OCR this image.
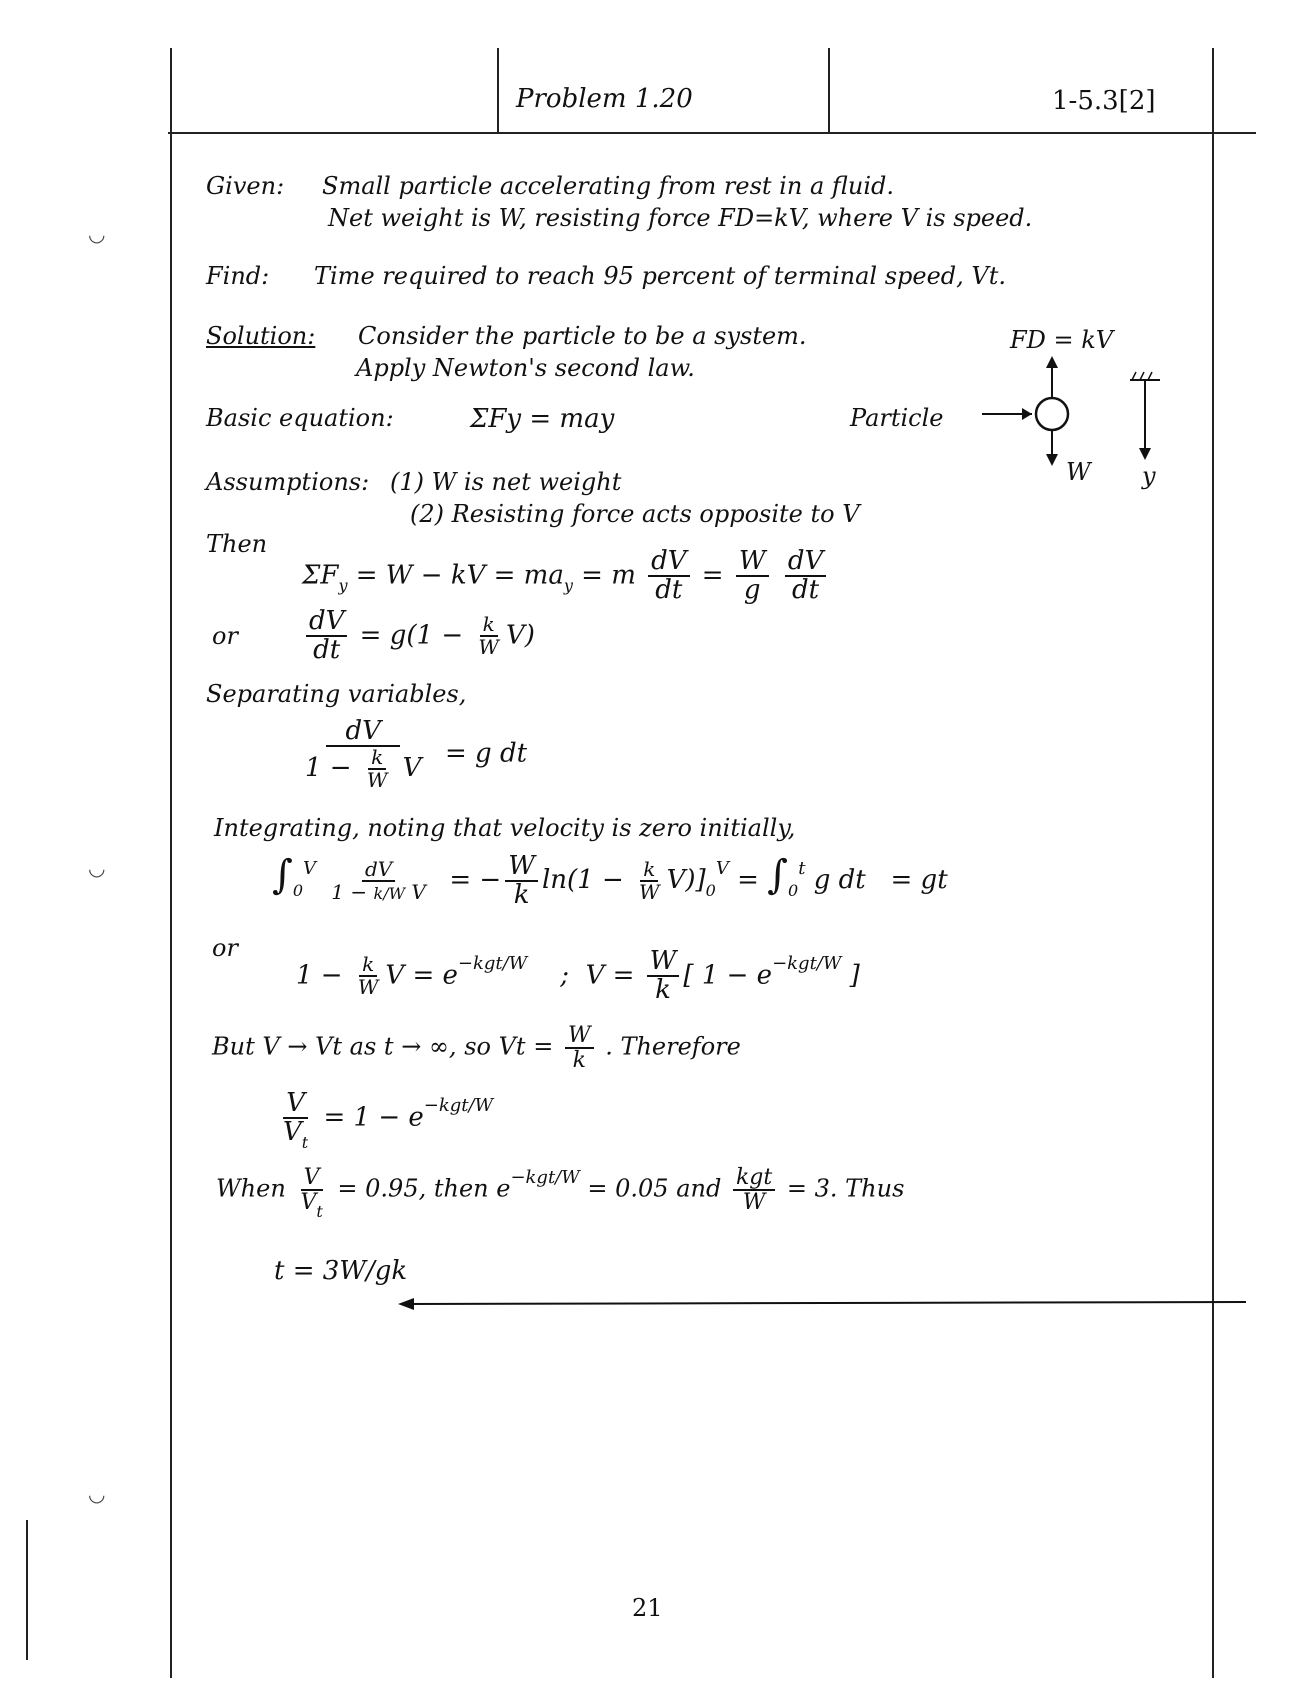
◡
◡
◡
Problem 1.20	1-5.3[2]
Given: Small particle accelerating from rest in a fluid.
Net weight is W, resisting force FD=kV, where V is speed.
Find: Time required to reach 95 percent of terminal speed, Vt.
Solution: Consider the particle to be a system.
Apply Newton's second law.
Basic equation:	ΣFy = may
FD = kV
Particle
W y
Assumptions: (1) W is net weight
(2) Resisting force acts opposite to V
Then
$\Sigma F_y = W$ − kV = $ma_y = m \frac{dV}{dt} = \frac{W}{g}$
$\frac{dV}{dt}$
or	$\frac{dV}{dt} = g(1 - \frac{k}{W} V)$
Separating variables,
$\frac{dV}{1 - \frac{k}{W} V} = g$ dt
Integrating, noting that velocity is zero initially,
$\int_0^V \frac{dV}{\text{1 − k/W V}}$ = − $\frac{W}{k} \ln(1 - \frac{k}{W} V)]_0^V = \int_0^t$ g dt   = gt
or
$1 - \frac{k}{W}$ $V = e^{-kgt/W}$    ;  $V = \frac{W}{k}$ [ $1 - e^{-kgt/W}$ ]
But V → Vt as t → ∞, so $Vt = \frac{W}{k}$ . Therefore
$\frac{V}{V_t} = 1 - e^{-kgt/W}$
When $\frac{V}{V_t} = 0.95$, then $e^{-kgt/W} = 0.05$ and $\frac{\text{kgt}}{W} = 3$. Thus
t = 3W/gk
21
